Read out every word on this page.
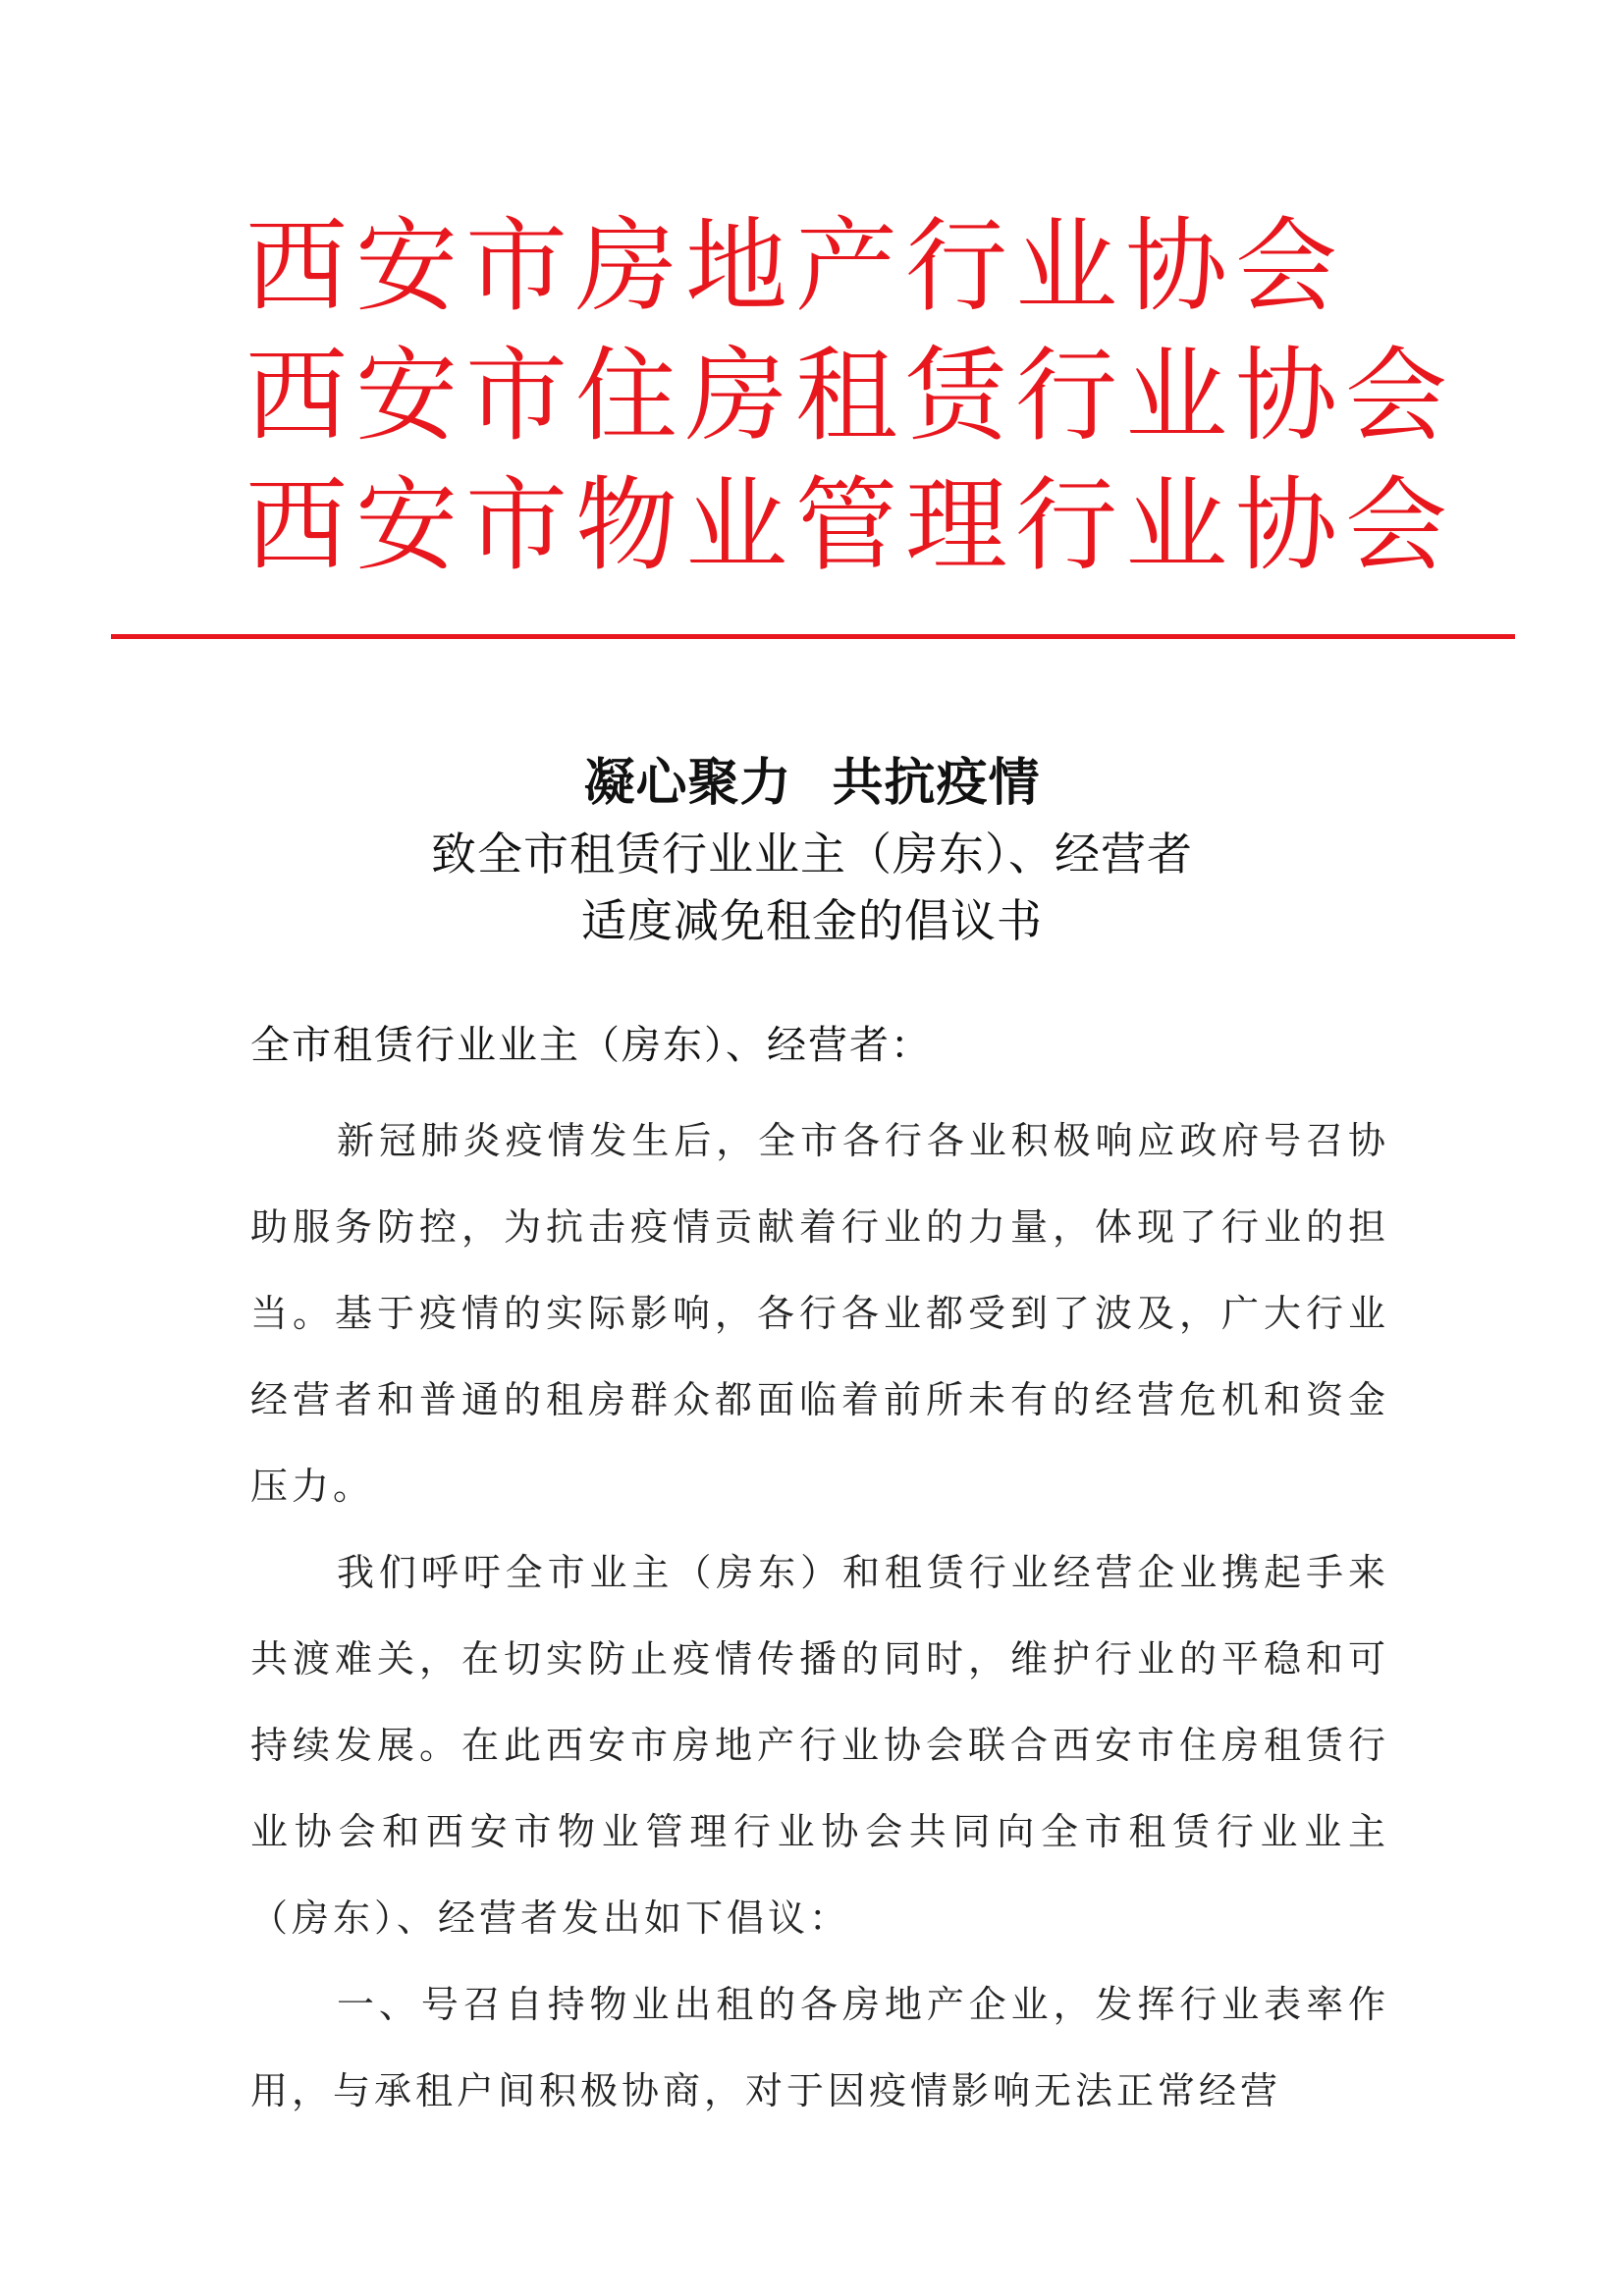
西安市房地产行业协会
西安市住房租赁行业协会
西安市物业管理行业协会
凝心聚力 共抗疫情
致全市租赁行业业主（房东）、经营者
适度减免租金的倡议书
全市租赁行业业主（房东）、经营者：

新冠肺炎疫情发生后，全市各行各业积极响应政府号召协助服务防控，为抗击疫情贡献着行业的力量，体现了行业的担当。基于疫情的实际影响，各行各业都受到了波及，广大行业经营者和普通的租房群众都面临着前所未有的经营危机和资金压力。

我们呼吁全市业主（房东）和租赁行业经营企业携起手来共渡难关，在切实防止疫情传播的同时，维护行业的平稳和可持续发展。在此西安市房地产行业协会联合西安市住房租赁行业协会和西安市物业管理行业协会共同向全市租赁行业业主（房东）、经营者发出如下倡议：

一、号召自持物业出租的各房地产企业，发挥行业表率作用，与承租户间积极协商，对于因疫情影响无法正常经营
